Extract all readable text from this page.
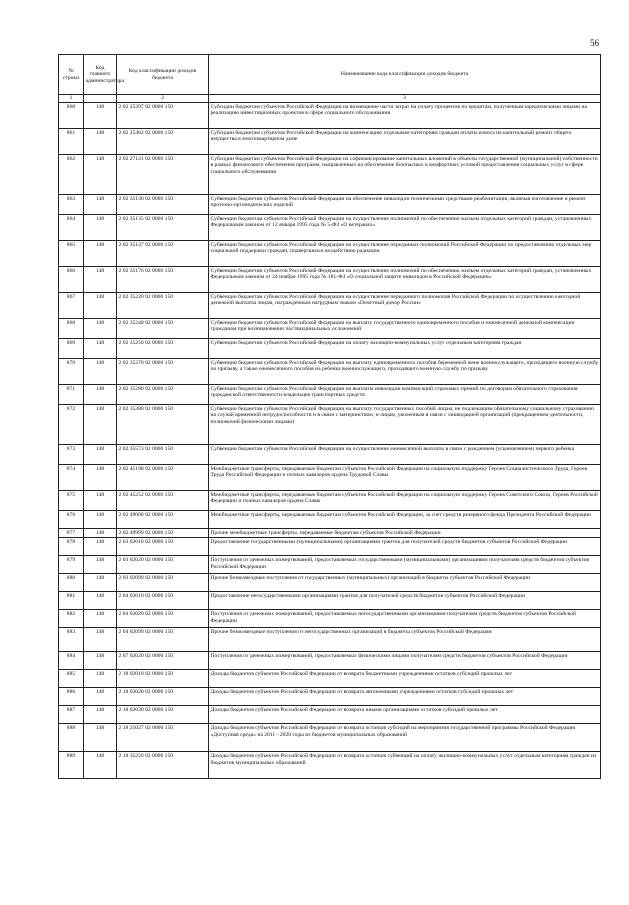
56
№ строки	Код главного администратора	Код классификации доходов бюджета	Наименование кода классификации доходов бюджета
1		2	3
860	148	2 02 25397 02 0000 150	Субсидии бюджетам субъектов Российской Федерации на возмещение части затрат на уплату процентов по кредитам, полученным юридическими лицами на реализацию инвестиционных проектов в сфере социального обслуживания
861	148	2 02 25462 02 0000 150	Субсидии бюджетам субъектов Российской Федерации на компенсацию отдельным категориям граждан оплаты взноса на капитальный ремонт общего имущества в многоквартирном доме
862	148	2 02 27121 02 0000 150	Субсидии бюджетам субъектов Российской Федерации на софинансирование капитальных вложений в объекты государственной (муниципальной) собственности в рамках финансового обеспечения программ, направленных на обеспечение безопасных и комфортных условий предоставления социальных услуг в сфере социального обслуживания
863	148	2 02 35130 02 0000 150	Субвенции бюджетам субъектов Российской Федерации на обеспечение инвалидов техническими средствами реабилитации, включая изготовление и ремонт протезно-ортопедических изделий
864	148	2 02 35135 02 0000 150	Субвенции бюджетам субъектов Российской Федерации на осуществление полномочий по обеспечению жильем отдельных категорий граждан, установленных Федеральным законом от 12 января 1995 года № 5-ФЗ «О ветеранах»
865	148	2 02 35137 02 0000 150	Субвенции бюджетам субъектов Российской Федерации на осуществление переданных полномочий Российской Федерации по предоставлению отдельных мер социальной поддержки граждан, подвергшихся воздействию радиации
866	148	2 02 35176 02 0000 150	Субвенции бюджетам субъектов Российской Федерации на осуществление полномочий по обеспечению жильем отдельных категорий граждан, установленных Федеральным законом от 24 ноября 1995 года № 181-ФЗ «О социальной защите инвалидов в Российской Федерации»
867	148	2 02 35220 02 0000 150	Субвенции бюджетам субъектов Российской Федерации на осуществление переданного полномочия Российской Федерации по осуществлению ежегодной денежной выплаты лицам, награжденным нагрудным знаком «Почетный донор России»
868	148	2 02 35240 02 0000 150	Субвенции бюджетам субъектов Российской Федерации на выплату государственного единовременного пособия и ежемесячной денежной компенсации гражданам при возникновении поствакцинальных осложнений
869	148	2 02 35250 02 0000 150	Субвенции бюджетам субъектов Российской Федерации на оплату жилищно-коммунальных услуг отдельным категориям граждан
870	148	2 02 35270 02 0000 150	Субвенции бюджетам субъектов Российской Федерации на выплату единовременного пособия беременной жене военнослужащего, проходящего военную службу по призыву, а также ежемесячного пособия на ребенка военнослужащего, проходящего военную службу по призыву
871	148	2 02 35280 02 0000 150	Субвенции бюджетам субъектов Российской Федерации на выплаты инвалидам компенсаций страховых премий по договорам обязательного страхования гражданской ответственности владельцев транспортных средств
872	148	2 02 35380 02 0000 150	Субвенции бюджетам субъектов Российской Федерации на выплату государственных пособий лицам, не подлежащим обязательному социальному страхованию на случай временной нетрудоспособности и в связи с материнством, и лицам, уволенным в связи с ликвидацией организаций (прекращением деятельности, полномочий физическими лицами)
873	148	2 02 35573 02 0000 150	Субвенции бюджетам субъектов Российской Федерации на осуществление ежемесячной выплаты в связи с рождением (усыновлением) первого ребенка
874	148	2 02 45198 02 0000 150	Межбюджетные трансферты, передаваемые бюджетам субъектов Российской Федерации на социальную поддержку Героев Социалистического Труда, Героев Труда Российской Федерации и полных кавалеров ордена Трудовой Славы
875	148	2 02 45252 02 0000 150	Межбюджетные трансферты, передаваемые бюджетам субъектов Российской Федерации на социальную поддержку Героев Советского Союза, Героев Российской Федерации и полных кавалеров ордена Славы
876	148	2 02 49000 02 0000 150	Межбюджетные трансферты, передаваемые бюджетам субъектов Российской Федерации, за счет средств резервного фонда Президента Российской Федерации
877	148	2 02 49999 02 0000 150	Прочие межбюджетные трансферты, передаваемые бюджетам субъектов Российской Федерации
878	148	2 03 02010 02 0000 150	Предоставление государственными (муниципальными) организациями грантов для получателей средств бюджетов субъектов Российской Федерации
879	148	2 03 02020 02 0000 150	Поступления от денежных пожертвований, предоставляемых государственными (муниципальными) организациями получателям средств бюджетов субъектов Российской Федерации
880	148	2 03 02099 02 0000 150	Прочие безвозмездные поступления от государственных (муниципальных) организаций в бюджеты субъектов Российской Федерации
881	148	2 04 02010 02 0000 150	Предоставление негосударственными организациями грантов для получателей средств бюджетов субъектов Российской Федерации
882	148	2 04 02020 02 0000 150	Поступления от денежных пожертвований, предоставляемых негосударственными организациями получателям средств бюджетов субъектов Российской Федерации
883	148	2 04 02099 02 0000 150	Прочие безвозмездные поступления от негосударственных организаций в бюджеты субъектов Российской Федерации
884	148	2 07 02020 02 0000 150	Поступления от денежных пожертвований, предоставляемых физическими лицами получателям средств бюджетов субъектов Российской Федерации
885	148	2 18 02010 02 0000 150	Доходы бюджетов субъектов Российской Федерации от возврата бюджетными учреждениями остатков субсидий прошлых лет
886	148	2 18 02020 02 0000 150	Доходы бюджетов субъектов Российской Федерации от возврата автономными учреждениями остатков субсидий прошлых лет
887	148	2 18 02030 02 0000 150	Доходы бюджетов субъектов Российской Федерации от возврата иными организациями остатков субсидий прошлых лет
888	148	2 18 25027 02 0000 150	Доходы бюджетов субъектов Российской Федерации от возврата остатков субсидий на мероприятия государственной программы Российской Федерации «Доступная среда» на 2011 - 2020 годы из бюджетов муниципальных образований
889	148	2 18 35250 02 0000 150	Доходы бюджетов субъектов Российской Федерации от возврата остатков субвенций на оплату жилищно-коммунальных услуг отдельным категориям граждан из бюджетов муниципальных образований
